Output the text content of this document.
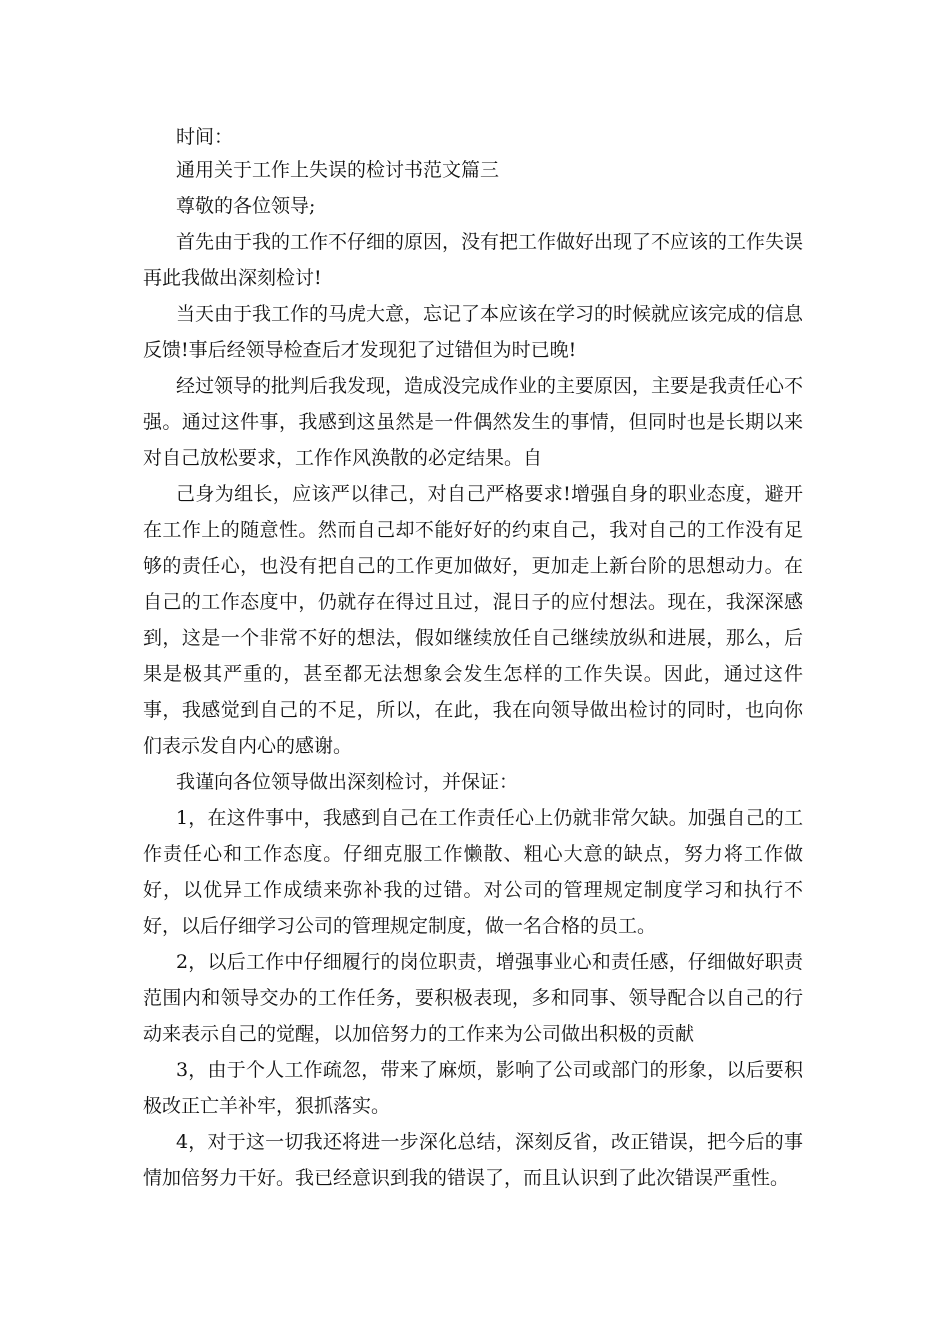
时间：

通用关于工作上失误的检讨书范文篇三

尊敬的各位领导;

首先由于我的工作不仔细的原因，没有把工作做好出现了不应该的工作失误再此我做出深刻检讨!

当天由于我工作的马虎大意，忘记了本应该在学习的时候就应该完成的信息反馈!事后经领导检查后才发现犯了过错但为时已晚!

经过领导的批判后我发现，造成没完成作业的主要原因，主要是我责任心不强。通过这件事，我感到这虽然是一件偶然发生的事情，但同时也是长期以来对自己放松要求，工作作风涣散的必定结果。自

己身为组长，应该严以律己，对自己严格要求!增强自身的职业态度，避开在工作上的随意性。然而自己却不能好好的约束自己，我对自己的工作没有足够的责任心，也没有把自己的工作更加做好，更加走上新台阶的思想动力。在自己的工作态度中，仍就存在得过且过，混日子的应付想法。现在，我深深感到，这是一个非常不好的想法，假如继续放任自己继续放纵和进展，那么，后果是极其严重的，甚至都无法想象会发生怎样的工作失误。因此，通过这件事，我感觉到自己的不足，所以，在此，我在向领导做出检讨的同时，也向你们表示发自内心的感谢。

我谨向各位领导做出深刻检讨，并保证：

1，在这件事中，我感到自己在工作责任心上仍就非常欠缺。加强自己的工作责任心和工作态度。仔细克服工作懒散、粗心大意的缺点，努力将工作做好，以优异工作成绩来弥补我的过错。对公司的管理规定制度学习和执行不好，以后仔细学习公司的管理规定制度，做一名合格的员工。

2，以后工作中仔细履行的岗位职责，增强事业心和责任感，仔细做好职责范围内和领导交办的工作任务，要积极表现，多和同事、领导配合以自己的行动来表示自己的觉醒，以加倍努力的工作来为公司做出积极的贡献

3，由于个人工作疏忽，带来了麻烦，影响了公司或部门的形象，以后要积极改正亡羊补牢，狠抓落实。

4，对于这一切我还将进一步深化总结，深刻反省，改正错误，把今后的事情加倍努力干好。我已经意识到我的错误了，而且认识到了此次错误严重性。
